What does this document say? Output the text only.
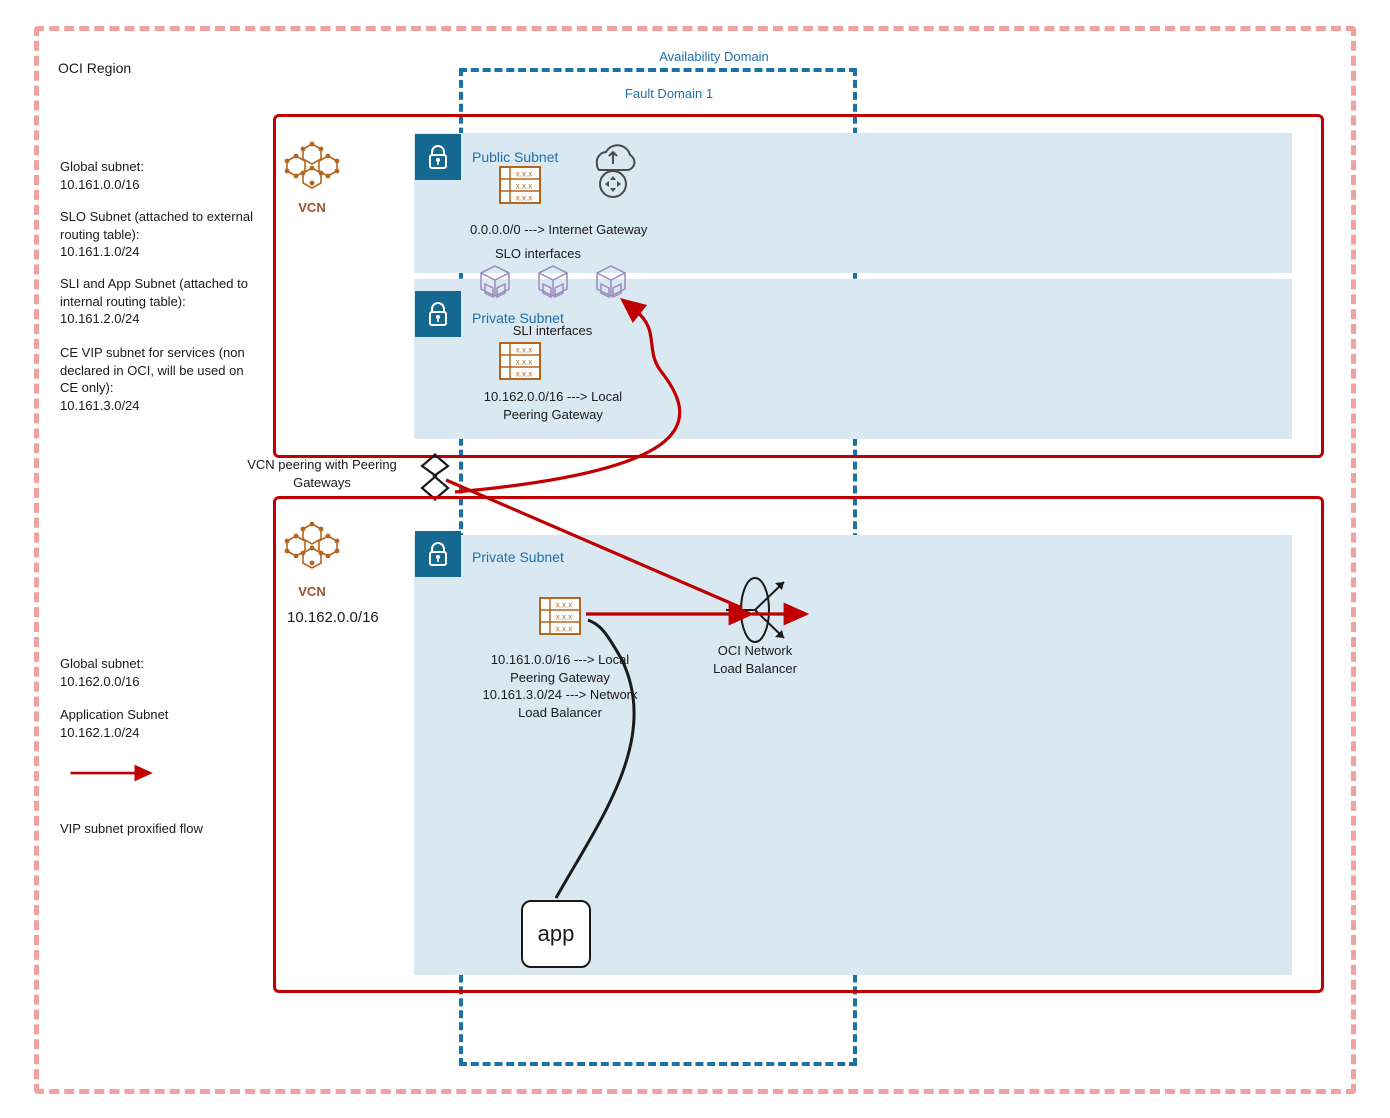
OCI Region
Availability Domain
Fault Domain 1
Global subnet:
10.161.0.0/16
SLO Subnet (attached to external routing table):
10.161.1.0/24
SLI and App Subnet (attached to internal routing table):
10.161.2.0/24
CE VIP subnet for services (non declared in OCI, will be used on CE only):
10.161.3.0/24
Global subnet:
10.162.0.0/16
Application Subnet
10.162.1.0/24
VIP subnet proxified flow
VCN
Public Subnet
x.x.x
x.x.x
x.x.x
0.0.0.0/0 ---> Internet Gateway
SLO interfaces
Private Subnet
SLI interfaces
x.x.x
x.x.x
x.x.x
10.162.0.0/16 ---> Local
Peering Gateway
VCN peering with Peering
Gateways
VCN
10.162.0.0/16
Private Subnet
x.x.x
x.x.x
x.x.x
10.161.0.0/16 ---> Local
Peering Gateway
10.161.3.0/24 ---> Network
Load Balancer
OCI Network
Load Balancer
app
